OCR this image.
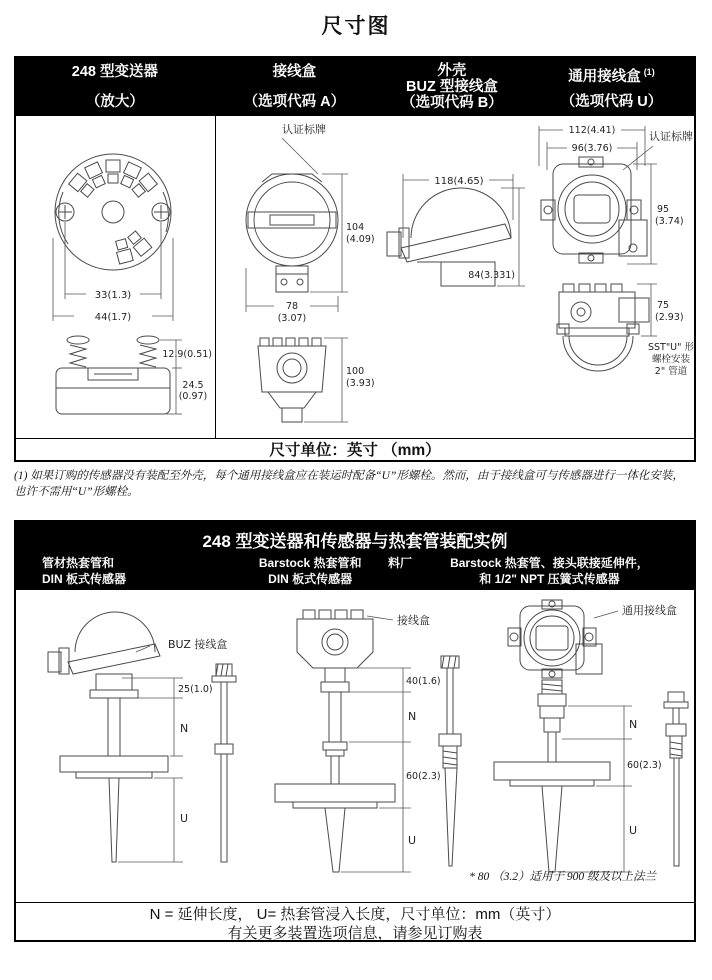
尺寸图
248 型变送器
（放大）
接线盒
（选项代码 A）
外壳
BUZ 型接线盒
（选项代码 B）
通用接线盒  $^{(1)}$
（选项代码 U）
33(1.3)
44(1.7)
12.9(0.51)
24.5
(0.97)
认证标牌
104
(4.09)
78
(3.07)
100
(3.93)
118(4.65)
84(3.331)
112(4.41)
96(3.76)
认证标牌
95
(3.74)
75
(2.93)
SST"U" 形
螺栓安装
2" 管道
尺寸单位：英寸 （mm）
(1) 如果订购的传感器没有装配至外壳，每个通用接线盒应在装运时配备“U”形螺栓。然而，由于接线盒可与传感器进行一体化安装，
也许不需用“U”形螺栓。
248 型变送器和传感器与热套管装配实例
管材热套管和
DIN 板式传感器
Barstock 热套管和
DIN 板式传感器
Barstock 热套管、接头联接延伸件，
和 1/2" NPT 压簧式传感器
料厂
BUZ 接线盒
25(1.0)
N
U
接线盒
40(1.6)
N
60(2.3)
U
通用接线盒
N
60(2.3)
U
* 80 （3.2）适用于 900 级及以上法兰
N = 延伸长度， U= 热套管浸入长度，尺寸单位：mm（英寸）
有关更多装置选项信息，请参见订购表
